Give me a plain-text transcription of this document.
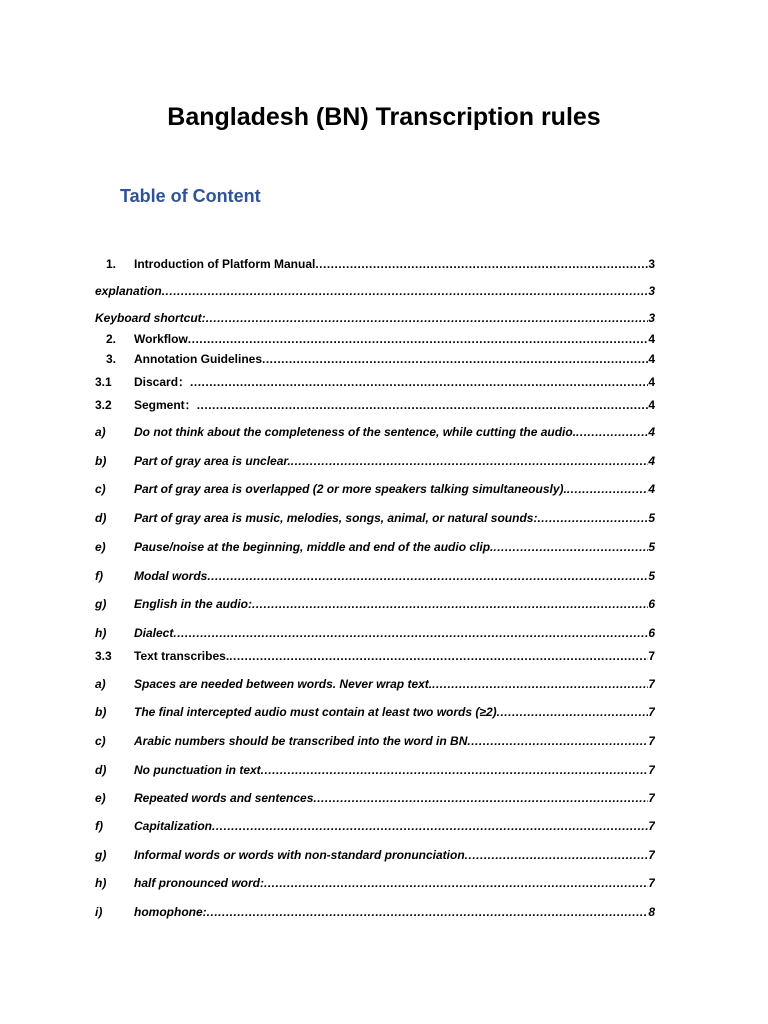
Bangladesh (BN) Transcription rules
Table of Content
1. Introduction of Platform Manual .....	3
explanation .....	3
Keyboard shortcut: .....	3
2. Workflow .....	4
3. Annotation Guidelines .....	4
3.1 Discard： .....	4
3.2 Segment： .....	4
a) Do not think about the completeness of the sentence, while cutting the audio. .....	4
b) Part of gray area is unclear. .....	4
c) Part of gray area is overlapped (2 or more speakers talking simultaneously). .....	4
d) Part of gray area is music, melodies, songs, animal, or natural sounds: .....	5
e) Pause/noise at the beginning, middle and end of the audio clip. .....	5
f)	Modal words .....	5
g) English in the audio: .....	6
h) Dialect .....	6
3.3 Text transcribes. .....	7
a) Spaces are needed between words. Never wrap text. .....	7
b) The final intercepted audio must contain at least two words (≥2) .....	7
c) Arabic numbers should be transcribed into the word in BN .....	7
d) No punctuation in text .....	7
e) Repeated words and sentences .....	7
f)	Capitalization .....	7
g) Informal words or words with non-standard pronunciation .....	7
h) half pronounced word: .....	7
i)	homophone: .....	8
